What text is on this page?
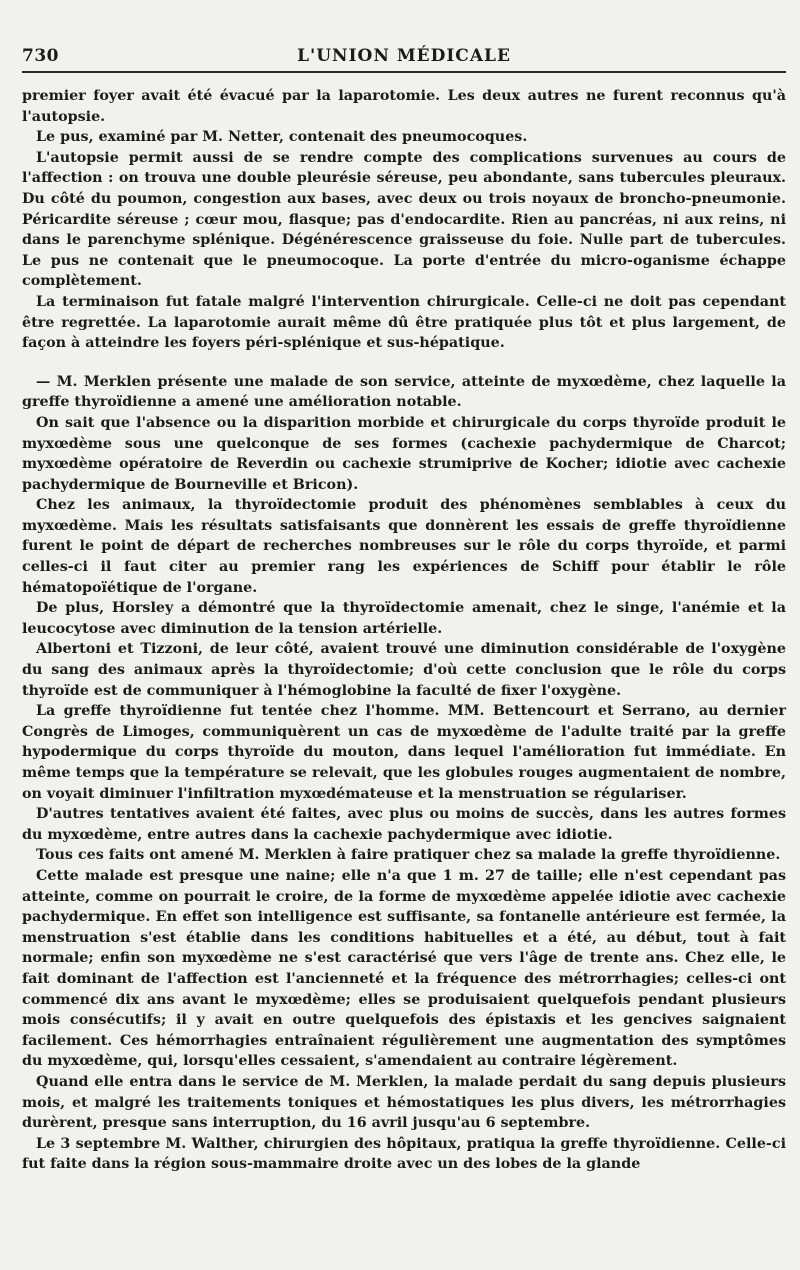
730	L'UNION MÉDICALE

premier foyer avait été évacué par la laparotomie. Les deux autres ne furent reconnus qu'à l'autopsie.

Le pus, examiné par M. Netter, contenait des pneumocoques.

L'autopsie permit aussi de se rendre compte des complications survenues au cours de l'affection : on trouva une double pleurésie séreuse, peu abondante, sans tubercules pleuraux. Du côté du poumon, congestion aux bases, avec deux ou trois noyaux de broncho-pneumonie. Péricardite séreuse ; cœur mou, flasque; pas d'endocardite. Rien au pancréas, ni aux reins, ni dans le parenchyme splénique. Dégénérescence graisseuse du foie. Nulle part de tubercules. Le pus ne contenait que le pneumocoque. La porte d'entrée du micro-oganisme échappe complètement.

La terminaison fut fatale malgré l'intervention chirurgicale. Celle-ci ne doit pas cependant être regrettée. La laparotomie aurait même dû être pratiquée plus tôt et plus largement, de façon à atteindre les foyers péri-splénique et sus-hépatique.

— M. Merklen présente une malade de son service, atteinte de myxœdème, chez laquelle la greffe thyroïdienne a amené une amélioration notable.

On sait que l'absence ou la disparition morbide et chirurgicale du corps thyroïde produit le myxœdème sous une quelconque de ses formes (cachexie pachydermique de Charcot; myxœdème opératoire de Reverdin ou cachexie strumiprive de Kocher; idiotie avec cachexie pachydermique de Bourneville et Bricon).

Chez les animaux, la thyroïdectomie produit des phénomènes semblables à ceux du myxœdème. Mais les résultats satisfaisants que donnèrent les essais de greffe thyroïdienne furent le point de départ de recherches nombreuses sur le rôle du corps thyroïde, et parmi celles-ci il faut citer au premier rang les expériences de Schiff pour établir le rôle hématopoïétique de l'organe.

De plus, Horsley a démontré que la thyroïdectomie amenait, chez le singe, l'anémie et la leucocytose avec diminution de la tension artérielle.

Albertoni et Tizzoni, de leur côté, avaient trouvé une diminution considérable de l'oxygène du sang des animaux après la thyroïdectomie; d'où cette conclusion que le rôle du corps thyroïde est de communiquer à l'hémoglobine la faculté de fixer l'oxygène.

La greffe thyroïdienne fut tentée chez l'homme. MM. Bettencourt et Serrano, au dernier Congrès de Limoges, communiquèrent un cas de myxœdème de l'adulte traité par la greffe hypodermique du corps thyroïde du mouton, dans lequel l'amélioration fut immédiate. En même temps que la température se relevait, que les globules rouges augmentaient de nombre, on voyait diminuer l'infiltration myxœdémateuse et la menstruation se régulariser.

D'autres tentatives avaient été faites, avec plus ou moins de succès, dans les autres formes du myxœdème, entre autres dans la cachexie pachydermique avec idiotie.

Tous ces faits ont amené M. Merklen à faire pratiquer chez sa malade la greffe thyroïdienne.

Cette malade est presque une naine; elle n'a que 1 m. 27 de taille; elle n'est cependant pas atteinte, comme on pourrait le croire, de la forme de myxœdème appelée idiotie avec cachexie pachydermique. En effet son intelligence est suffisante, sa fontanelle antérieure est fermée, la menstruation s'est établie dans les conditions habituelles et a été, au début, tout à fait normale; enfin son myxœdème ne s'est caractérisé que vers l'âge de trente ans. Chez elle, le fait dominant de l'affection est l'ancienneté et la fréquence des métrorrhagies; celles-ci ont commencé dix ans avant le myxœdème; elles se produisaient quelquefois pendant plusieurs mois consécutifs; il y avait en outre quelquefois des épistaxis et les gencives saignaient facilement. Ces hémorrhagies entraînaient régulièrement une augmentation des symptômes du myxœdème, qui, lorsqu'elles cessaient, s'amendaient au contraire légèrement.

Quand elle entra dans le service de M. Merklen, la malade perdait du sang depuis plusieurs mois, et malgré les traitements toniques et hémostatiques les plus divers, les métrorrhagies durèrent, presque sans interruption, du 16 avril jusqu'au 6 septembre.

Le 3 septembre M. Walther, chirurgien des hôpitaux, pratiqua la greffe thyroïdienne. Celle-ci fut faite dans la région sous-mammaire droite avec un des lobes de la glande
